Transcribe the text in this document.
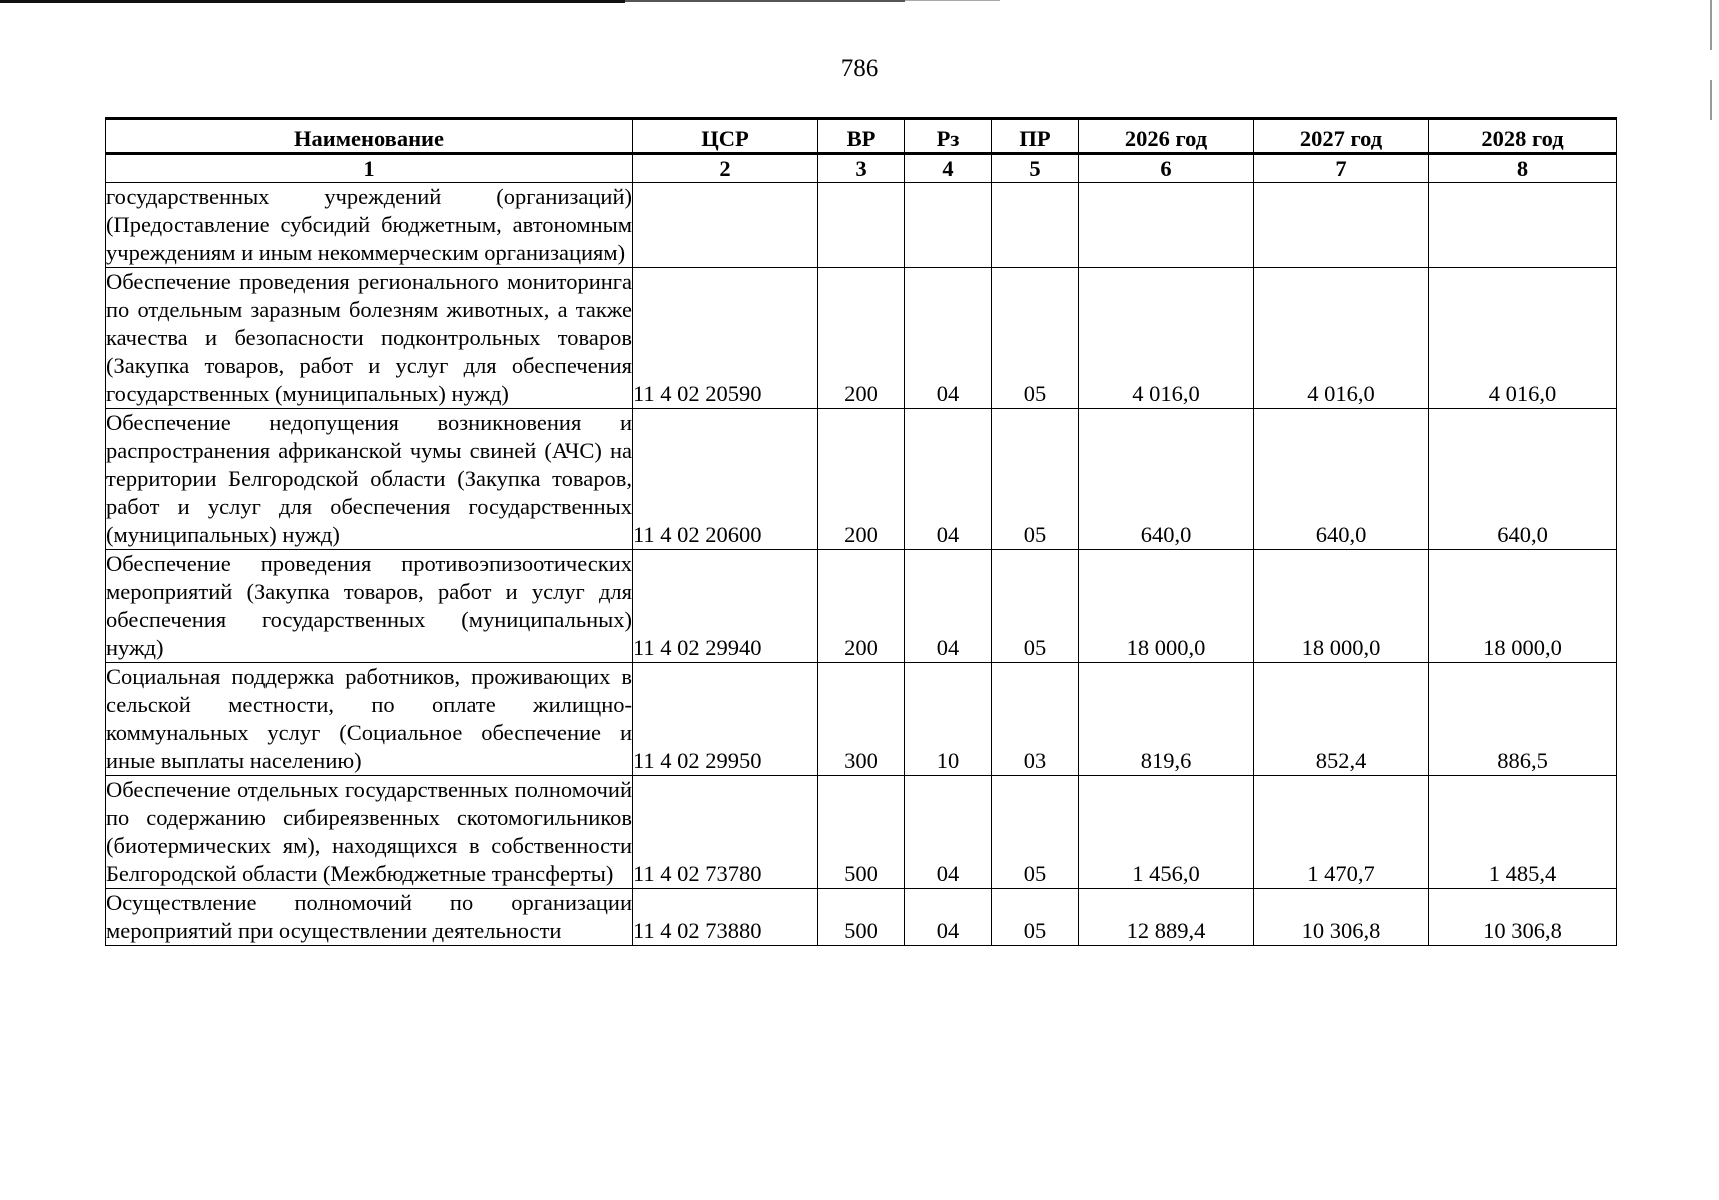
786
Наименование	ЦСР	ВР	Рз	ПР	2026 год	2027 год	2028 год
1	2	3	4	5	6	7	8
государственных учреждений (организаций) (Предоставление субсидий бюджетным, автономным учреждениям и иным некоммерческим организациям)							
Обеспечение проведения регионального мониторинга по отдельным заразным болезням животных, а также качества и безопасности подконтрольных товаров (Закупка товаров, работ и услуг для обеспечения государственных (муниципальных) нужд)	11 4 02 20590	200	04	05	4 016,0	4 016,0	4 016,0
Обеспечение недопущения возникновения и распространения африканской чумы свиней (АЧС) на территории Белгородской области (Закупка товаров, работ и услуг для обеспечения государственных (муниципальных) нужд)	11 4 02 20600	200	04	05	640,0	640,0	640,0
Обеспечение проведения противоэпизоотических мероприятий (Закупка товаров, работ и услуг для обеспечения государственных (муниципальных) нужд)	11 4 02 29940	200	04	05	18 000,0	18 000,0	18 000,0
Социальная поддержка работников, проживающих в сельской местности, по оплате жилищно-коммунальных услуг (Социальное обеспечение и иные выплаты населению)	11 4 02 29950	300	10	03	819,6	852,4	886,5
Обеспечение отдельных государственных полномочий по содержанию сибиреязвенных скотомогильников (биотермических ям), находящихся в собственности Белгородской области (Межбюджетные трансферты)	11 4 02 73780	500	04	05	1 456,0	1 470,7	1 485,4
Осуществление полномочий по организации мероприятий при осуществлении деятельности	11 4 02 73880	500	04	05	12 889,4	10 306,8	10 306,8
